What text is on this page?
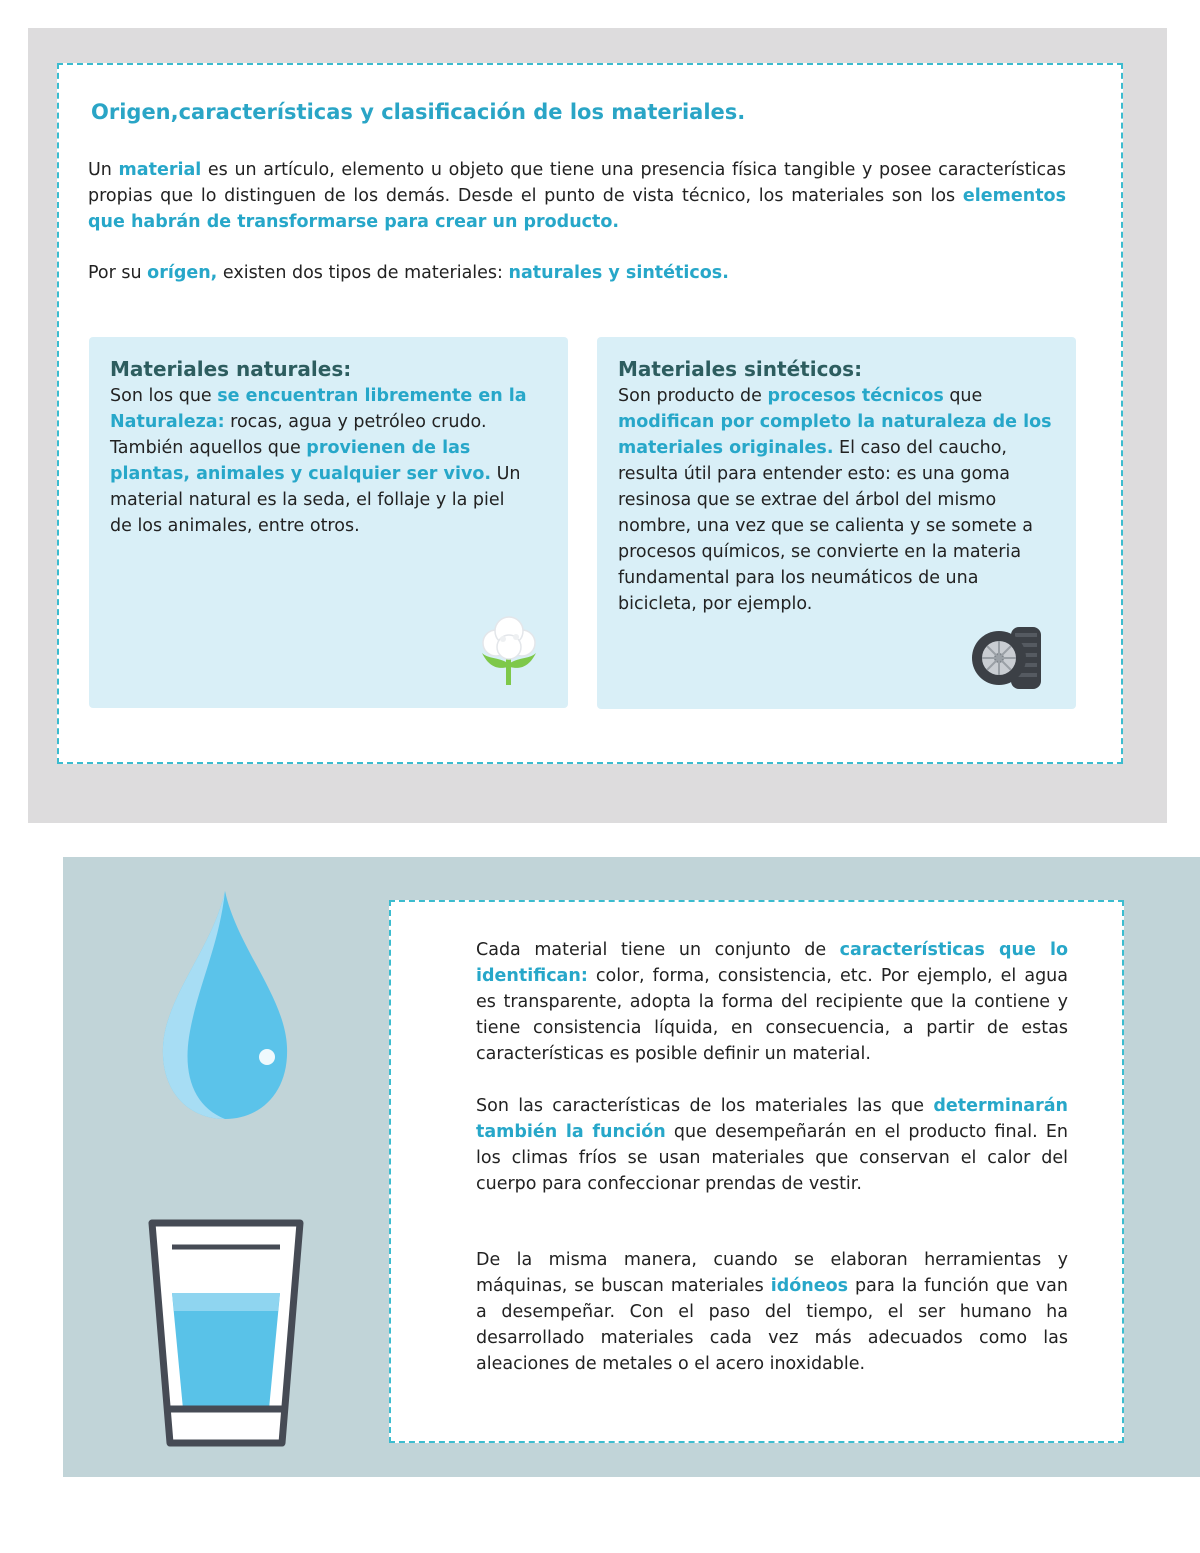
Origen,características y clasificación de los materiales.

Un material es un artículo, elemento u objeto que tiene una presencia física tangible y posee características propias que lo distinguen de los demás. Desde el punto de vista técnico, los materiales son los elementos que habrán de transformarse para crear un producto.

Por su orígen, existen dos tipos de materiales: naturales y sintéticos.

Materiales naturales:

Son los que se encuentran libremente en la Naturaleza: rocas, agua y petróleo crudo. También aquellos que provienen de las plantas, animales y cualquier ser vivo. Un material natural es la seda, el follaje y la piel de los animales, entre otros.

Materiales sintéticos:

Son producto de procesos técnicos que modifican por completo la naturaleza de los materiales originales. El caso del caucho, resulta útil para entender esto: es una goma resinosa que se extrae del árbol del mismo nombre, una vez que se calienta y se somete a procesos químicos, se convierte en la materia fundamental para los neumáticos de una bicicleta, por ejemplo.

Cada material tiene un conjunto de características que lo identifican: color, forma, consistencia, etc. Por ejemplo, el agua es transparente, adopta la forma del recipiente que la contiene y tiene consistencia líquida, en consecuencia, a partir de estas características es posible definir un material.

Son las características de los materiales las que determinarán también la función que desempeñarán en el producto final. En los climas fríos se usan materiales que conservan el calor del cuerpo para confeccionar prendas de vestir.

De la misma manera, cuando se elaboran herramientas y máquinas, se buscan materiales idóneos para la función que van a desempeñar. Con el paso del tiempo, el ser humano ha desarrollado materiales cada vez más adecuados como las aleaciones de metales o el acero inoxidable.
